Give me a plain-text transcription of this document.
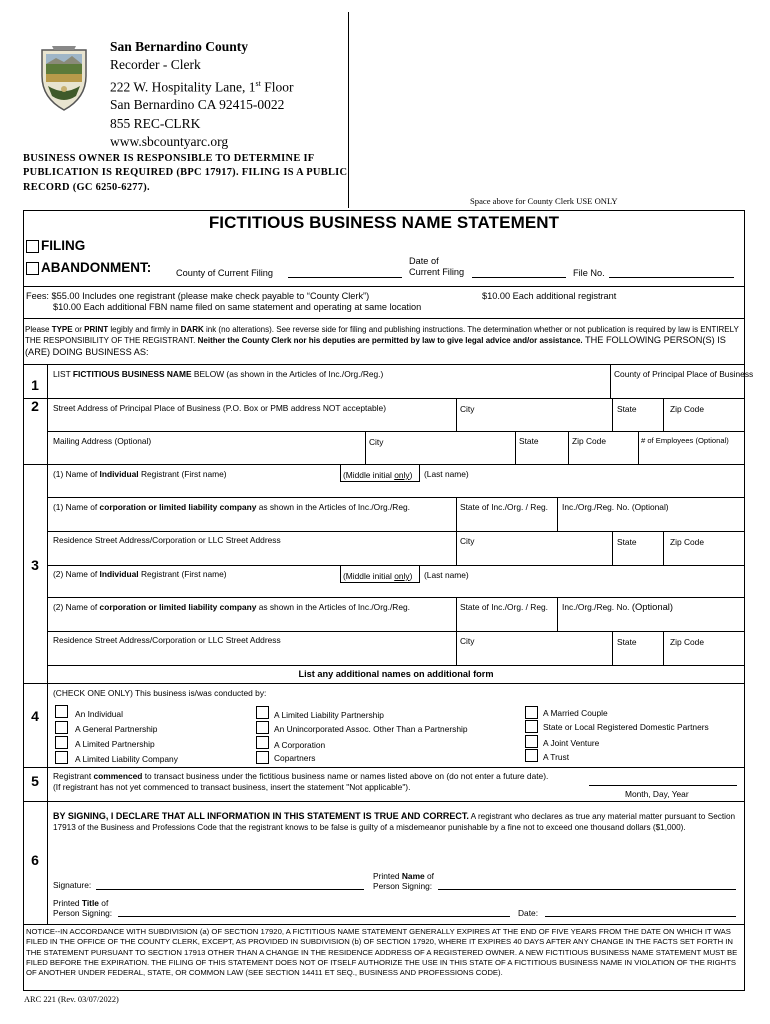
San Bernardino County
Recorder - Clerk
222 W. Hospitality Lane, 1st Floor
San Bernardino CA 92415-0022
855 REC-CLRK
www.sbcountyarc.org
BUSINESS OWNER IS RESPONSIBLE TO DETERMINE IF PUBLICATION IS REQUIRED (BPC 17917). FILING IS A PUBLIC RECORD (GC 6250-6277).
Space above for County Clerk USE ONLY
FICTITIOUS BUSINESS NAME STATEMENT
FILING
ABANDONMENT:	County of Current Filing
Date of
Current Filing	File No.
Fees: $55.00 Includes one registrant (please make check payable to “County Clerk”)
$10.00 Each additional FBN name filed on same statement and operating at same location
$10.00 Each additional registrant
Please TYPE or PRINT legibly and firmly in DARK ink (no alterations). See reverse side for filing and publishing instructions. The determination whether or not publication is required by law is ENTIRELY THE RESPONSIBILITY OF THE REGISTRANT. Neither the County Clerk nor his deputies are permitted by law to give legal advice and/or assistance. THE FOLLOWING PERSON(S) IS (ARE) DOING BUSINESS AS:
1
LIST FICTITIOUS BUSINESS NAME BELOW (as shown in the Articles of Inc./Org./Reg.)	County of Principal Place of Business
2	Street Address of Principal Place of Business (P.O. Box or PMB address NOT acceptable)	City	State	Zip Code
Mailing Address (Optional)	City	State	Zip Code	# of Employees (Optional)
3
(1) Name of Individual Registrant (First name)	(Middle initial only) (Last name)
(1) Name of corporation or limited liability company as shown in the Articles of Inc./Org./Reg.	State of Inc./Org. / Reg. Inc./Org./Reg. No. (Optional)
Residence Street Address/Corporation or LLC Street Address	City	State	Zip Code
(2) Name of Individual Registrant (First name)	(Middle initial only) (Last name)
(2) Name of corporation or limited liability company as shown in the Articles of Inc./Org./Reg.	State of Inc./Org. / Reg. Inc./Org./Reg. No. (Optional)
Residence Street Address/Corporation or LLC Street Address	City	State	Zip Code
List any additional names on additional form
4
(CHECK ONE ONLY) This business is/was conducted by:
An Individual
A General Partnership
A Limited Partnership
A Limited Liability Company
A Limited Liability Partnership
An Unincorporated Assoc. Other Than a Partnership
A Corporation
Copartners
A Married Couple
State or Local Registered Domestic Partners
A Joint Venture
A Trust
5	Registrant commenced to transact business under the fictitious business name or names listed above on (do not enter a future date).
(If registrant has not yet commenced to transact business, insert the statement "Not applicable").
Month, Day, Year
6
BY SIGNING, I DECLARE THAT ALL INFORMATION IN THIS STATEMENT IS TRUE AND CORRECT. A registrant who declares as true any material matter pursuant to Section 17913 of the Business and Professions Code that the registrant knows to be false is guilty of a misdemeanor punishable by a fine not to exceed one thousand dollars ($1,000).
Printed Name of
Person Signing:
Signature:
Printed Title of
Person Signing:	Date:
NOTICE--IN ACCORDANCE WITH SUBDIVISION (a) OF SECTION 17920, A FICTITIOUS NAME STATEMENT GENERALLY EXPIRES AT THE END OF FIVE YEARS FROM THE DATE ON WHICH IT WAS FILED IN THE OFFICE OF THE COUNTY CLERK, EXCEPT, AS PROVIDED IN SUBDIVISION (b) OF SECTION 17920, WHERE IT EXPIRES 40 DAYS AFTER ANY CHANGE IN THE FACTS SET FORTH IN THE STATEMENT PURSUANT TO SECTION 17913 OTHER THAN A CHANGE IN THE RESIDENCE ADDRESS OF A REGISTERED OWNER. A NEW FICTITIOUS BUSINESS NAME STATEMENT MUST BE FILED BEFORE THE EXPIRATION. THE FILING OF THIS STATEMENT DOES NOT OF ITSELF AUTHORIZE THE USE IN THIS STATE OF A FICTITIOUS BUSINESS NAME IN VIOLATION OF THE RIGHTS OF ANOTHER UNDER FEDERAL, STATE, OR COMMON LAW (SEE SECTION 14411 ET SEQ., BUSINESS AND PROFESSIONS CODE).
ARC 221 (Rev. 03/07/2022)
